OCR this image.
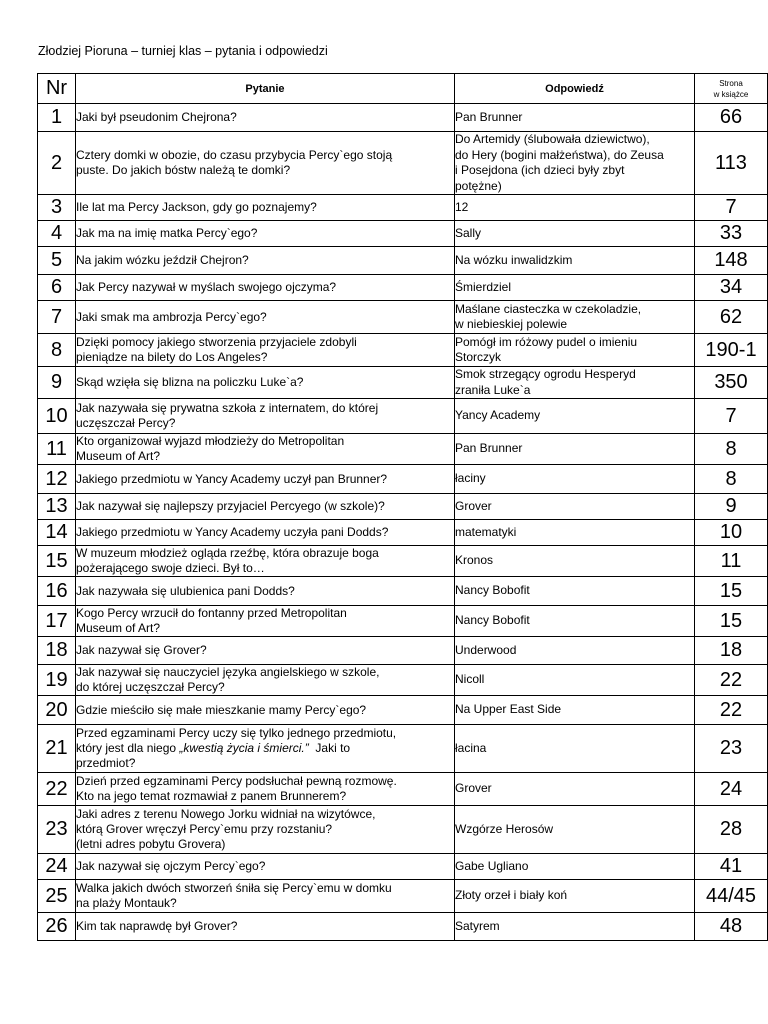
Złodziej Pioruna – turniej klas – pytania i odpowiedzi
Nr	Pytanie	Odpowiedź	Strona
w książce

1	Jaki był pseudonim Chejrona?	Pan Brunner	66
2	Cztery domki w obozie, do czasu przybycia Percy`ego stoją
puste. Do jakich bóstw należą te domki?	Do Artemidy (ślubowała dziewictwo),
do Hery (bogini małżeństwa), do Zeusa
i Posejdona (ich dzieci były zbyt
potężne)	113
3	Ile lat ma Percy Jackson, gdy go poznajemy?	12	7
4	Jak ma na imię matka Percy`ego?	Sally	33
5	Na jakim wózku jeździł Chejron?	Na wózku inwalidzkim	148
6	Jak Percy nazywał w myślach swojego ojczyma?	Śmierdziel	34
7	Jaki smak ma ambrozja Percy`ego?	Maślane ciasteczka w czekoladzie,
w niebieskiej polewie	62
8	Dzięki pomocy jakiego stworzenia przyjaciele zdobyli
pieniądze na bilety do Los Angeles?	Pomógł im różowy pudel o imieniu
Storczyk	190-1
9	Skąd wzięła się blizna na policzku Luke`a?	Smok strzegący ogrodu Hesperyd
zraniła Luke`a	350
10	Jak nazywała się prywatna szkoła z internatem, do której
uczęszczał Percy?	Yancy Academy	7
11	Kto organizował wyjazd młodzieży do Metropolitan
Museum of Art?	Pan Brunner	8
12	Jakiego przedmiotu w Yancy Academy uczył pan Brunner?	łaciny	8
13	Jak nazywał się najlepszy przyjaciel Percyego (w szkole)?	Grover	9
14	Jakiego przedmiotu w Yancy Academy uczyła pani Dodds?	matematyki	10
15	W muzeum młodzież ogląda rzeźbę, która obrazuje boga
pożerającego swoje dzieci. Był to…	Kronos	11
16	Jak nazywała się ulubienica pani Dodds?	Nancy Bobofit	15
17	Kogo Percy wrzucił do fontanny przed Metropolitan
Museum of Art?	Nancy Bobofit	15
18	Jak nazywał się Grover?	Underwood	18
19	Jak nazywał się nauczyciel języka angielskiego w szkole,
do której uczęszczał Percy?	Nicoll	22
20	Gdzie mieściło się małe mieszkanie mamy Percy`ego?	Na Upper East Side	22
21	Przed egzaminami Percy uczy się tylko jednego przedmiotu,
który jest dla niego „kwestią życia i śmierci.”  Jaki to
przedmiot?	łacina	23
22	Dzień przed egzaminami Percy podsłuchał pewną rozmowę.
Kto na jego temat rozmawiał z panem Brunnerem?	Grover	24
23	Jaki adres z terenu Nowego Jorku widniał na wizytówce,
którą Grover wręczył Percy`emu przy rozstaniu?
(letni adres pobytu Grovera)	Wzgórze Herosów	28
24	Jak nazywał się ojczym Percy`ego?	Gabe Ugliano	41
25	Walka jakich dwóch stworzeń śniła się Percy`emu w domku
na plaży Montauk?	Złoty orzeł i biały koń	44/45
26	Kim tak naprawdę był Grover?	Satyrem	48
